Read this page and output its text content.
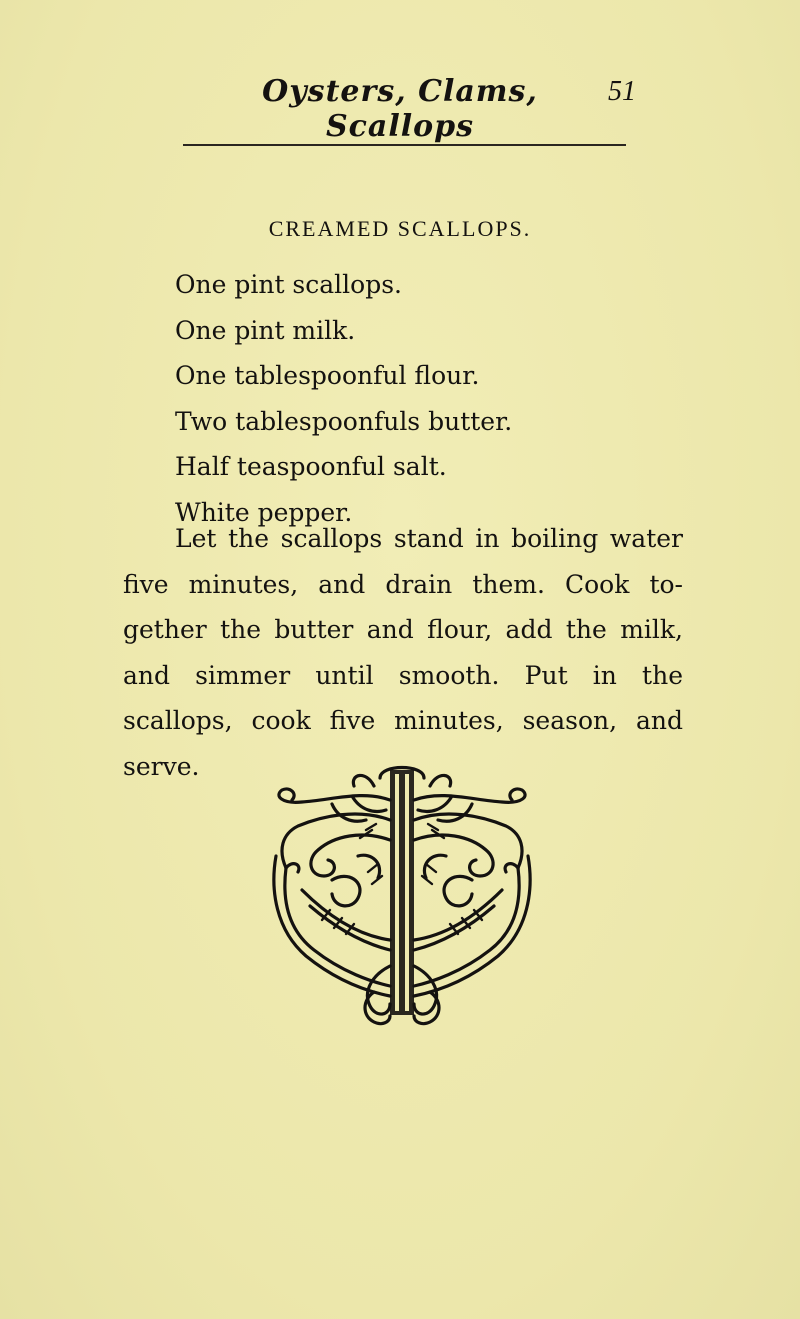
Oysters, Clams, Scallops
51
CREAMED SCALLOPS.
One pint scallops.
One pint milk.
One tablespoonful flour.
Two tablespoonfuls butter.
Half teaspoonful salt.
White pepper.
Let the scallops stand in boiling water
five minutes, and drain them. Cook to-
gether the butter and flour, add the milk,
and simmer until smooth. Put in the
scallops, cook five minutes, season, and
serve.
